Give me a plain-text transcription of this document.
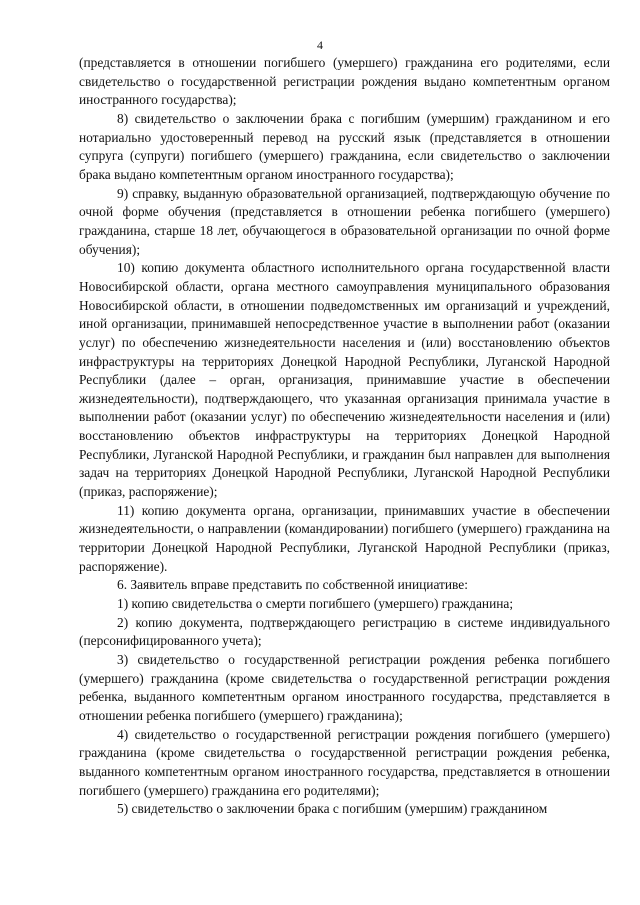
4

(представляется в отношении погибшего (умершего) гражданина его родителями, если свидетельство о государственной регистрации рождения выдано компетентным органом иностранного государства);

8) свидетельство о заключении брака с погибшим (умершим) гражданином и его нотариально удостоверенный перевод на русский язык (представляется в отношении супруга (супруги) погибшего (умершего) гражданина, если свидетельство о заключении брака выдано компетентным органом иностранного государства);

9) справку, выданную образовательной организацией, подтверждающую обучение по очной форме обучения (представляется в отношении ребенка погибшего (умершего) гражданина, старше 18 лет, обучающегося в образовательной организации по очной форме обучения);

10) копию документа областного исполнительного органа государственной власти Новосибирской области, органа местного самоуправления муниципального образования Новосибирской области, в отношении подведомственных им организаций и учреждений, иной организации, принимавшей непосредственное участие в выполнении работ (оказании услуг) по обеспечению жизнедеятельности населения и (или) восстановлению объектов инфраструктуры на территориях Донецкой Народной Республики, Луганской Народной Республики (далее – орган, организация, принимавшие участие в обеспечении жизнедеятельности), подтверждающего, что указанная организация принимала участие в выполнении работ (оказании услуг) по обеспечению жизнедеятельности населения и (или) восстановлению объектов инфраструктуры на территориях Донецкой Народной Республики, Луганской Народной Республики, и гражданин был направлен для выполнения задач на территориях Донецкой Народной Республики, Луганской Народной Республики (приказ, распоряжение);

11) копию документа органа, организации, принимавших участие в обеспечении жизнедеятельности, о направлении (командировании) погибшего (умершего) гражданина на территории Донецкой Народной Республики, Луганской Народной Республики (приказ, распоряжение).

6. Заявитель вправе представить по собственной инициативе:

1) копию свидетельства о смерти погибшего (умершего) гражданина;

2) копию документа, подтверждающего регистрацию в системе индивидуального (персонифицированного учета);

3) свидетельство о государственной регистрации рождения ребенка погибшего (умершего) гражданина (кроме свидетельства о государственной регистрации рождения ребенка, выданного компетентным органом иностранного государства, представляется в отношении ребенка погибшего (умершего) гражданина);

4) свидетельство о государственной регистрации рождения погибшего (умершего) гражданина (кроме свидетельства о государственной регистрации рождения ребенка, выданного компетентным органом иностранного государства, представляется в отношении погибшего (умершего) гражданина его родителями);

5) свидетельство о заключении брака с погибшим (умершим) гражданином
